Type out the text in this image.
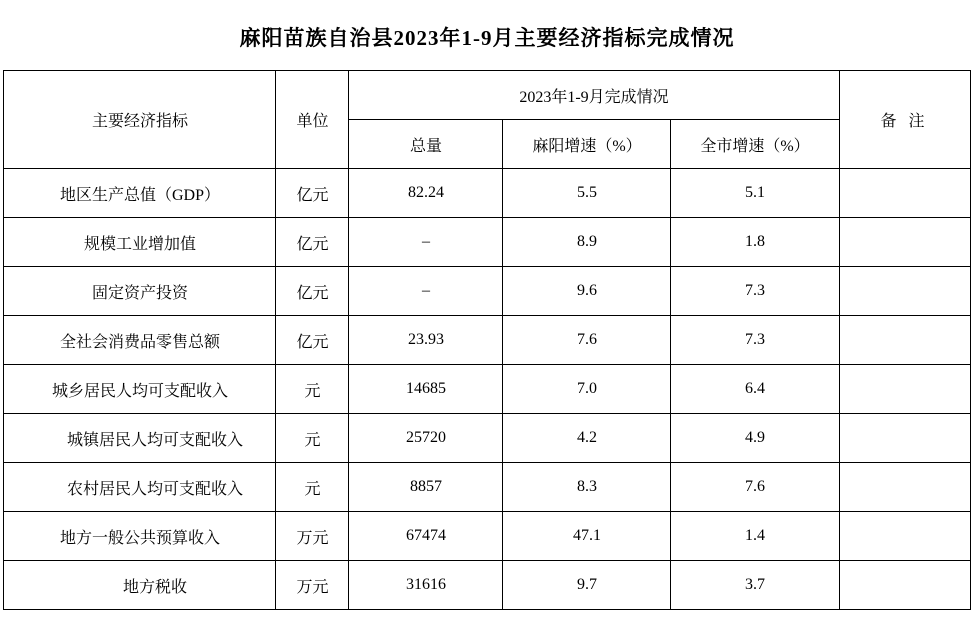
麻阳苗族自治县2023年1-9月主要经济指标完成情况
主要经济指标	单位	2023年1-9月完成情况			备 注
		总量	麻阳增速（%）	全市增速（%）	
地区生产总值（GDP）	亿元	82.24	5.5	5.1	
规模工业增加值	亿元	–	8.9	1.8	
固定资产投资	亿元	–	9.6	7.3	
全社会消费品零售总额	亿元	23.93	7.6	7.3	
城乡居民人均可支配收入	元	14685	7.0	6.4	
城镇居民人均可支配收入	元	25720	4.2	4.9	
农村居民人均可支配收入	元	8857	8.3	7.6	
地方一般公共预算收入	万元	67474	47.1	1.4	
地方税收	万元	31616	9.7	3.7	
